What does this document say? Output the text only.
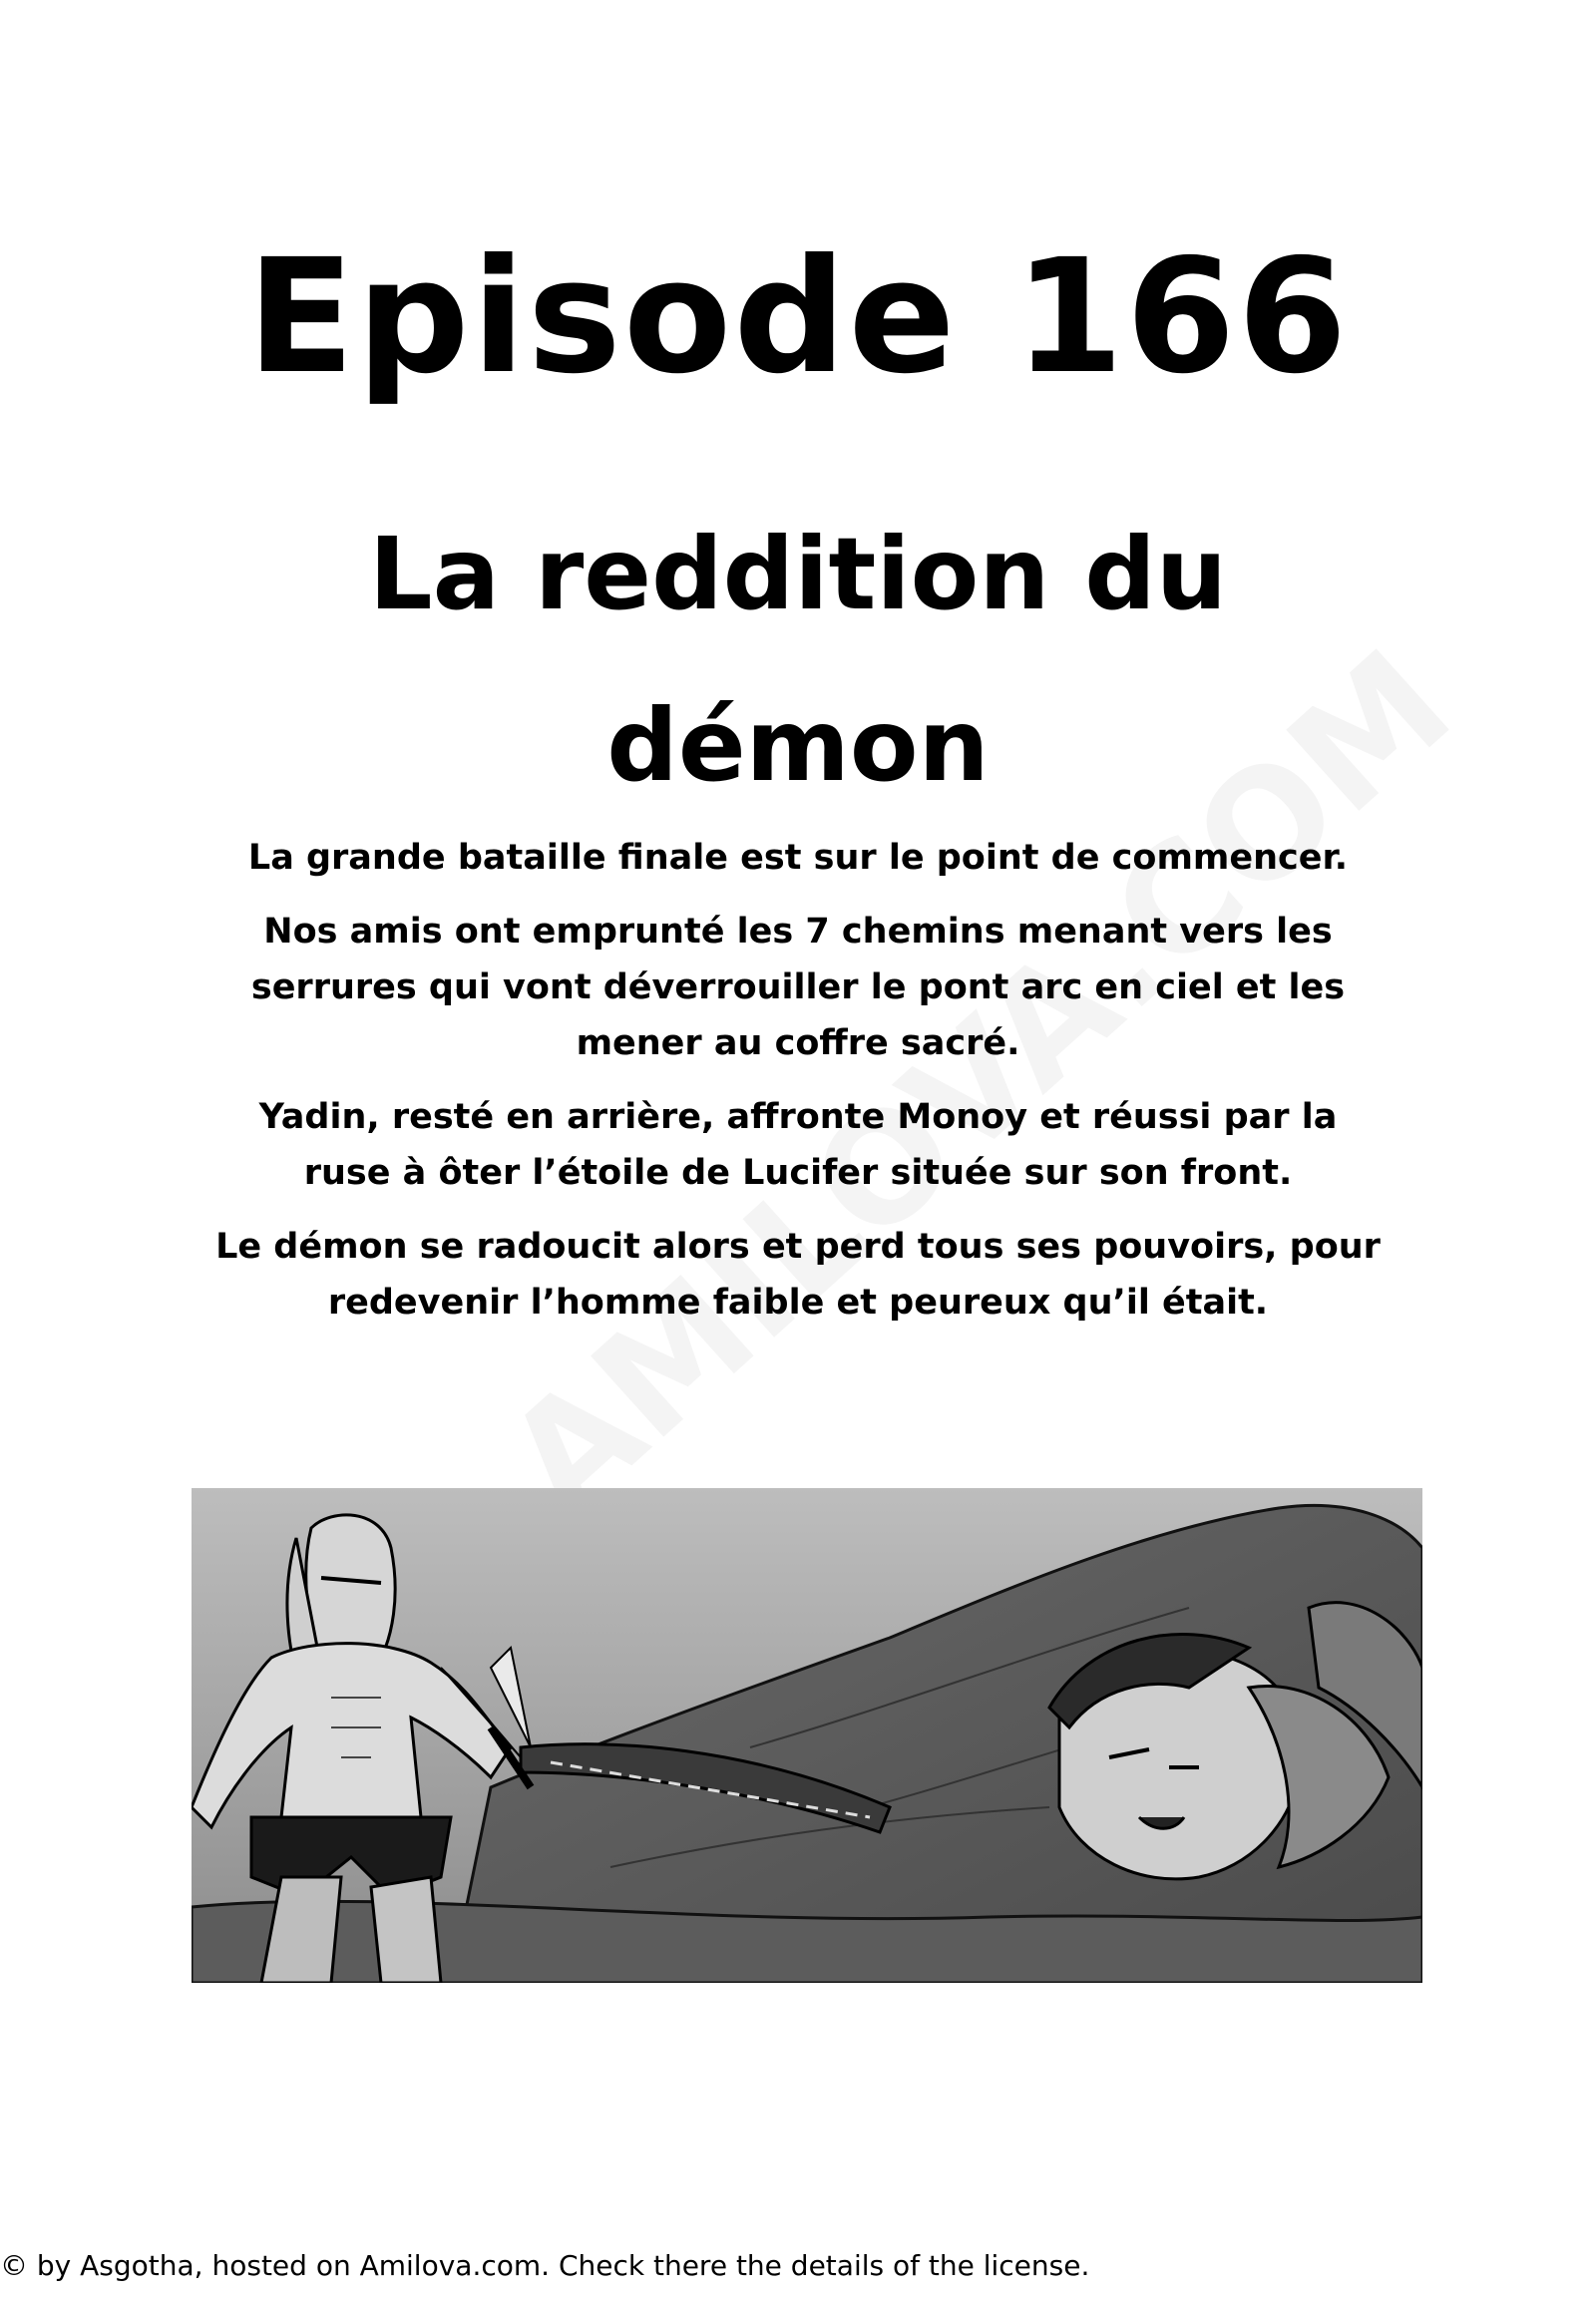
Episode 166
La reddition du
démon

La grande bataille finale est sur le point de commencer.

Nos amis ont emprunté les 7 chemins menant vers les
serrures qui vont déverrouiller le pont arc en ciel et les
mener au coffre sacré.

Yadin, resté en arrière, affronte Monoy et réussi par la
ruse à ôter l’étoile de Lucifer située sur son front.

Le démon se radoucit alors et perd tous ses pouvoirs, pour
redevenir l’homme faible et peureux qu’il était.

© by Asgotha, hosted on Amilova.com. Check there the details of the license.
